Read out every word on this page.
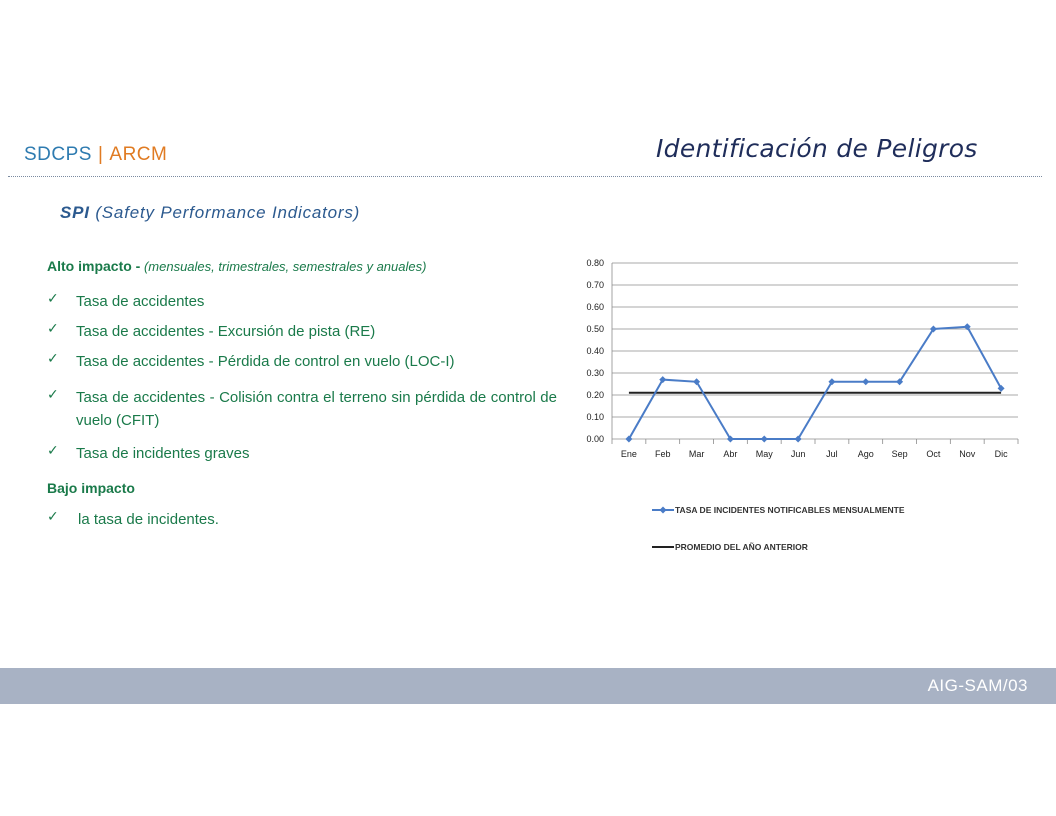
SDCPS | ARCM	Identificación de Peligros
SPI (Safety Performance Indicators)
Alto impacto - (mensuales, trimestrales, semestrales y anuales)
✓ Tasa de accidentes
✓ Tasa de accidentes - Excursión de pista (RE)
✓ Tasa de accidentes - Pérdida de control en vuelo (LOC-I)
✓ Tasa de accidentes - Colisión contra el terreno sin pérdida de control de vuelo (CFIT)
✓ Tasa de incidentes graves
Bajo impacto
✓ la tasa de incidentes.
0.00
0.10
0.20
0.30
0.40
0.50
0.60
0.70
0.80
Ene Feb Mar Abr May Jun Jul Ago Sep Oct Nov Dic
TASA DE INCIDENTES NOTIFICABLES MENSUALMENTE
PROMEDIO DEL AÑO ANTERIOR
AIG-SAM/03
